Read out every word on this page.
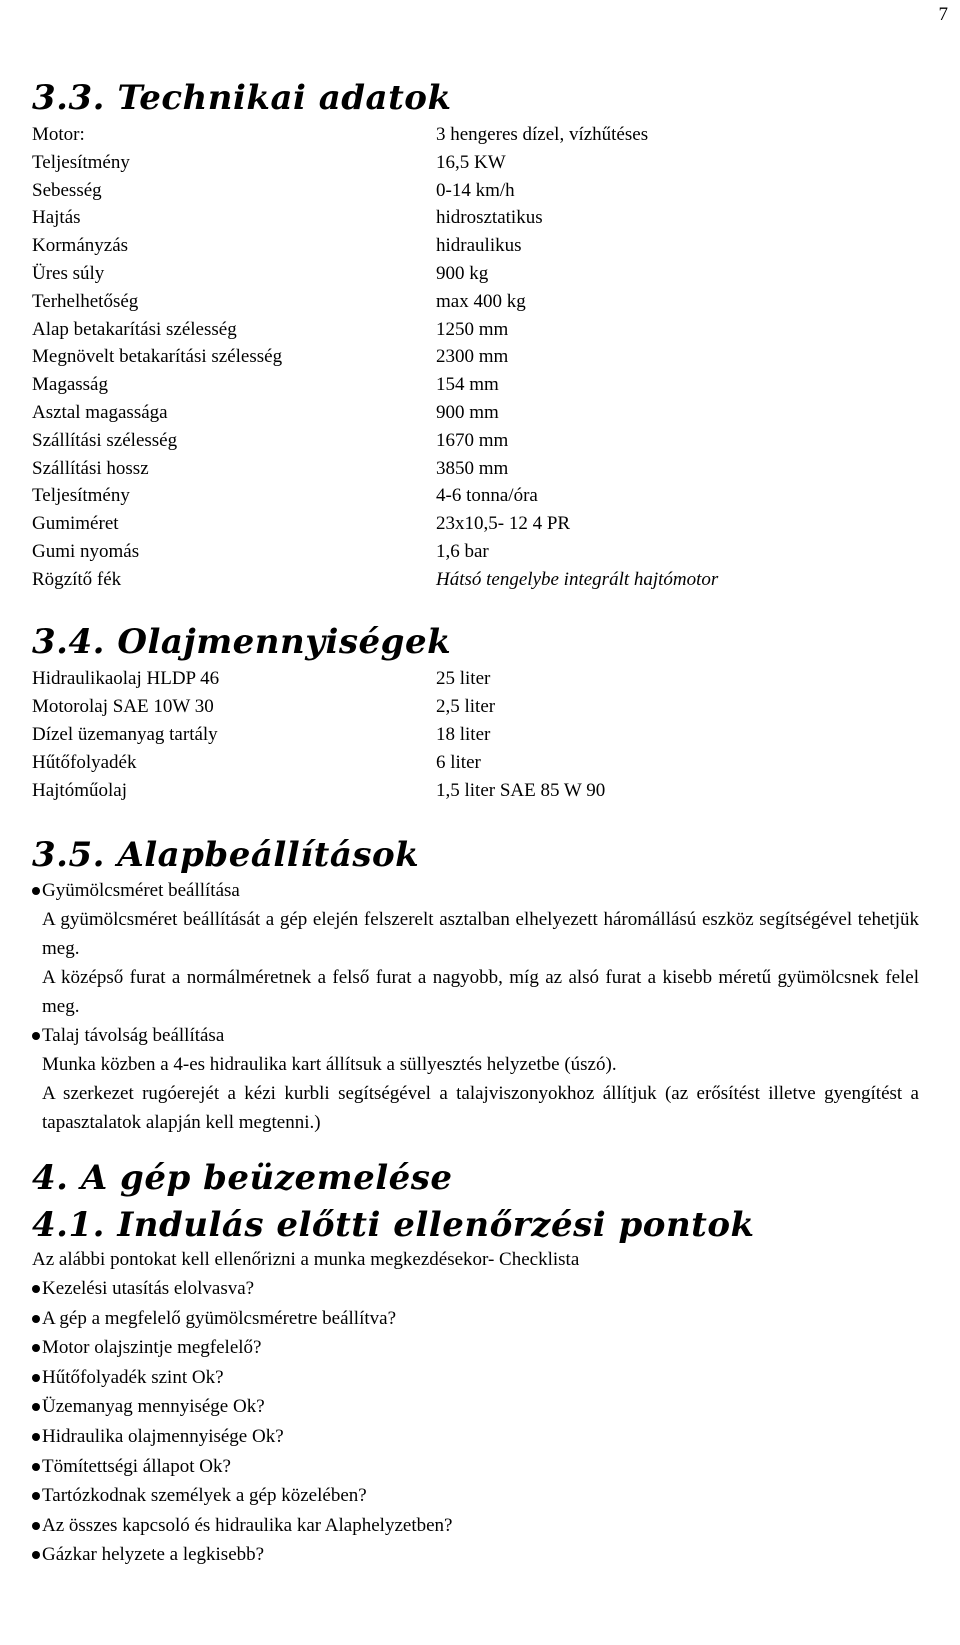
7
3.3. Technikai adatok
Motor:	3 hengeres dízel, vízhűtéses
Teljesítmény	16,5 KW
Sebesség	0-14 km/h
Hajtás	hidrosztatikus
Kormányzás	hidraulikus
Üres súly	900 kg
Terhelhetőség	max 400 kg
Alap betakarítási szélesség	1250 mm
Megnövelt betakarítási szélesség	2300 mm
Magasság	154 mm
Asztal magassága	900 mm
Szállítási szélesség	1670 mm
Szállítási hossz	3850 mm
Teljesítmény	4-6 tonna/óra
Gumiméret	23x10,5- 12 4 PR
Gumi nyomás	1,6 bar
Rögzítő fék	Hátsó tengelybe integrált hajtómotor
3.4. Olajmennyiségek
Hidraulikaolaj HLDP 46	25 liter
Motorolaj SAE 10W 30	2,5 liter
Dízel üzemanyag tartály	18 liter
Hűtőfolyadék	6 liter
Hajtóműolaj	1,5 liter SAE 85 W 90
3.5. Alapbeállítások
Gyümölcsméret beállítása
A gyümölcsméret beállítását a gép elején felszerelt asztalban elhelyezett háromállású eszköz segítségével tehetjük meg.
A középső furat a normálméretnek a felső furat a nagyobb, míg az alsó furat a kisebb méretű gyümölcsnek felel meg.
Talaj távolság beállítása
Munka közben a 4-es hidraulika kart állítsuk a süllyesztés helyzetbe (úszó).
A szerkezet rugóerejét a kézi kurbli segítségével a talajviszonyokhoz állítjuk (az erősítést illetve gyengítést a tapasztalatok alapján kell megtenni.)
4. A gép beüzemelése
4.1. Indulás előtti ellenőrzési pontok
Az alábbi pontokat kell ellenőrizni a munka megkezdésekor- Checklista
Kezelési utasítás elolvasva?
A gép a megfelelő gyümölcsméretre beállítva?
Motor olajszintje megfelelő?
Hűtőfolyadék szint Ok?
Üzemanyag mennyisége Ok?
Hidraulika olajmennyisége Ok?
Tömítettségi állapot Ok?
Tartózkodnak személyek a gép közelében?
Az összes kapcsoló és hidraulika kar Alaphelyzetben?
Gázkar helyzete a legkisebb?
